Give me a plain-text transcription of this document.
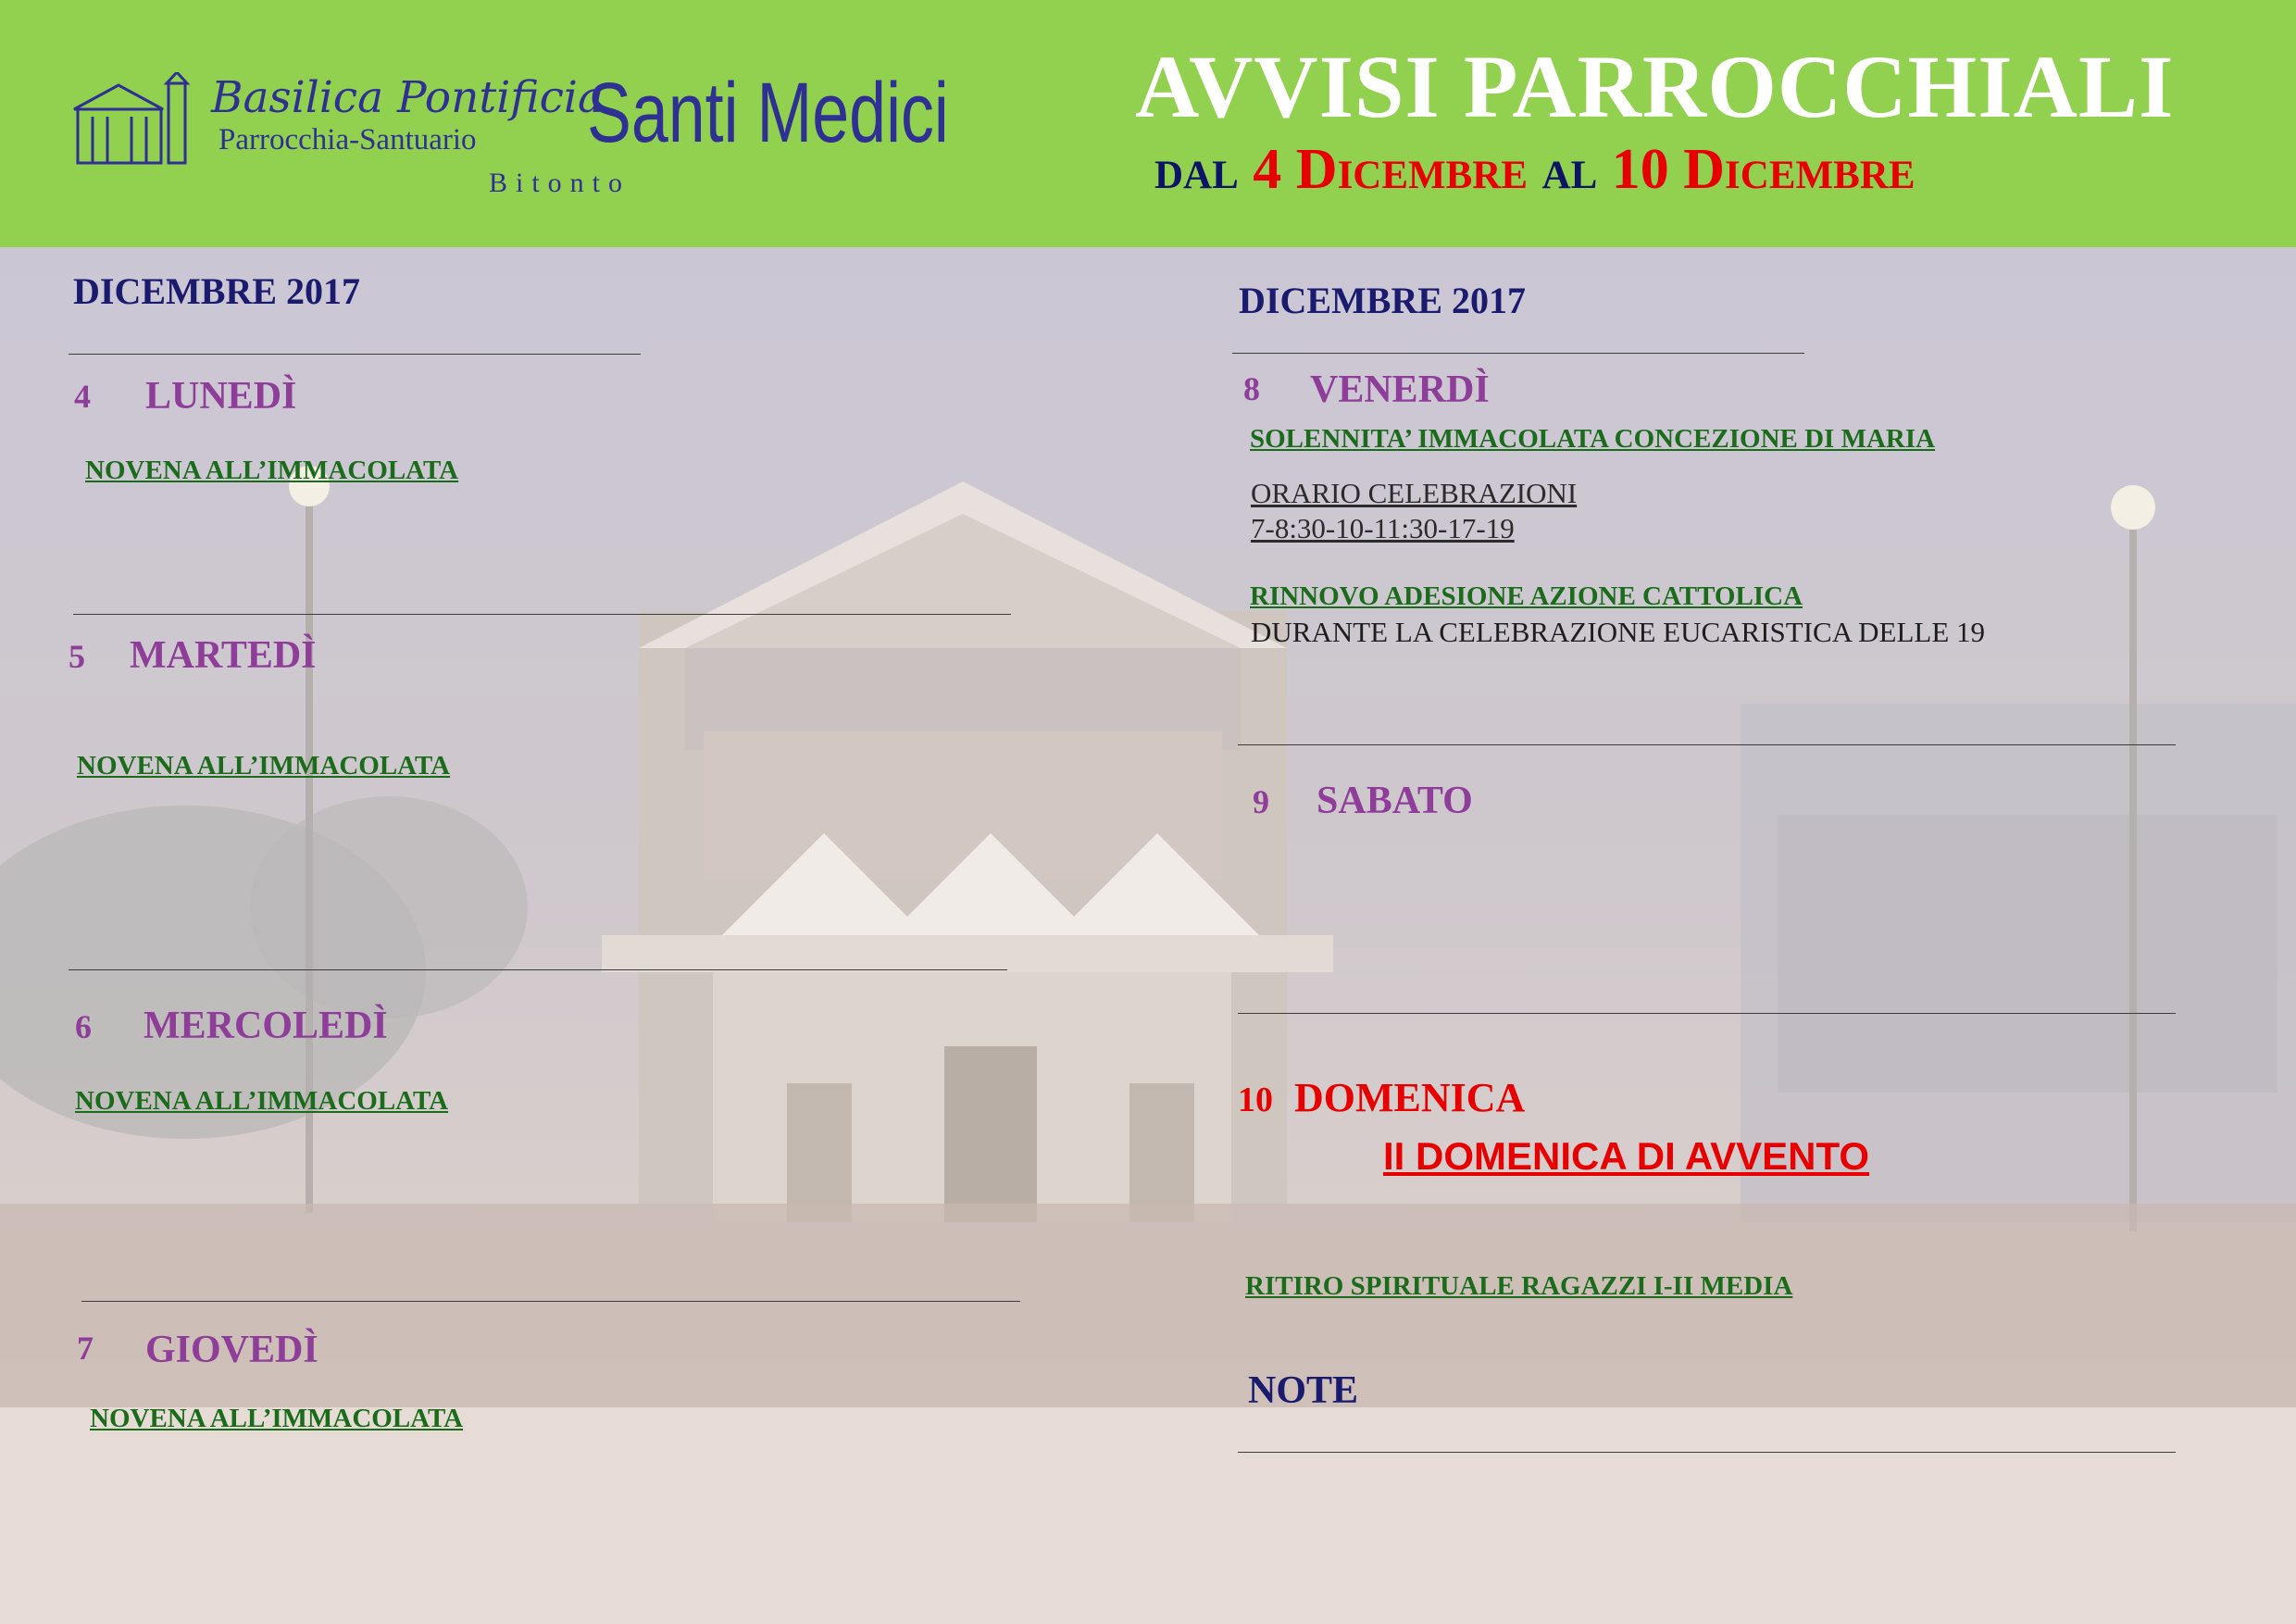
Basilica Pontificia
Parrocchia-Santuario
Bitonto
Santi Medici AVVISI PARROCCHIALI
dal 4 Dicembre al 10 Dicembre
DICEMBRE 2017
4 LUNEDÌ
NOVENA ALL’IMMACOLATA
5 MARTEDÌ
NOVENA ALL’IMMACOLATA
6 MERCOLEDÌ
NOVENA ALL’IMMACOLATA
7 GIOVEDÌ
NOVENA ALL’IMMACOLATA
DICEMBRE 2017
8 VENERDÌ
SOLENNITA’ IMMACOLATA CONCEZIONE DI MARIA
ORARIO CELEBRAZIONI
7-8:30-10-11:30-17-19
RINNOVO ADESIONE AZIONE CATTOLICA
DURANTE LA CELEBRAZIONE EUCARISTICA DELLE 19
9 SABATO
10 DOMENICA
II DOMENICA DI AVVENTO
RITIRO SPIRITUALE RAGAZZI I-II MEDIA
NOTE
